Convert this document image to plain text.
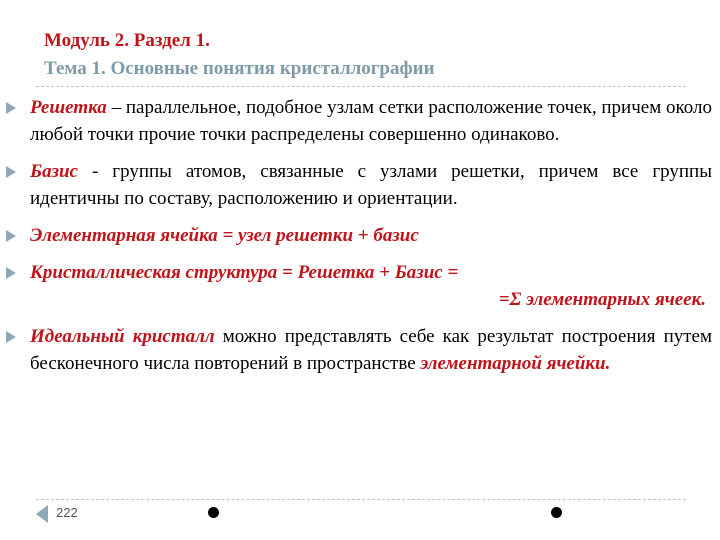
Модуль 2. Раздел 1.
Тема 1. Основные понятия кристаллографии
Решетка – параллельное, подобное узлам сетки расположение точек, причем около любой точки прочие точки распределены совершенно одинаково.
Базис - группы атомов, связанные с узлами решетки, причем все группы идентичны по составу, расположению и ориентации.
Элементарная ячейка = узел решетки + базис
Кристаллическая структура = Решетка + Базис =
=Σ элементарных ячеек.
Идеальный кристалл можно представлять себе как результат построения путем бесконечного числа повторений в пространстве элементарной ячейки.
222
